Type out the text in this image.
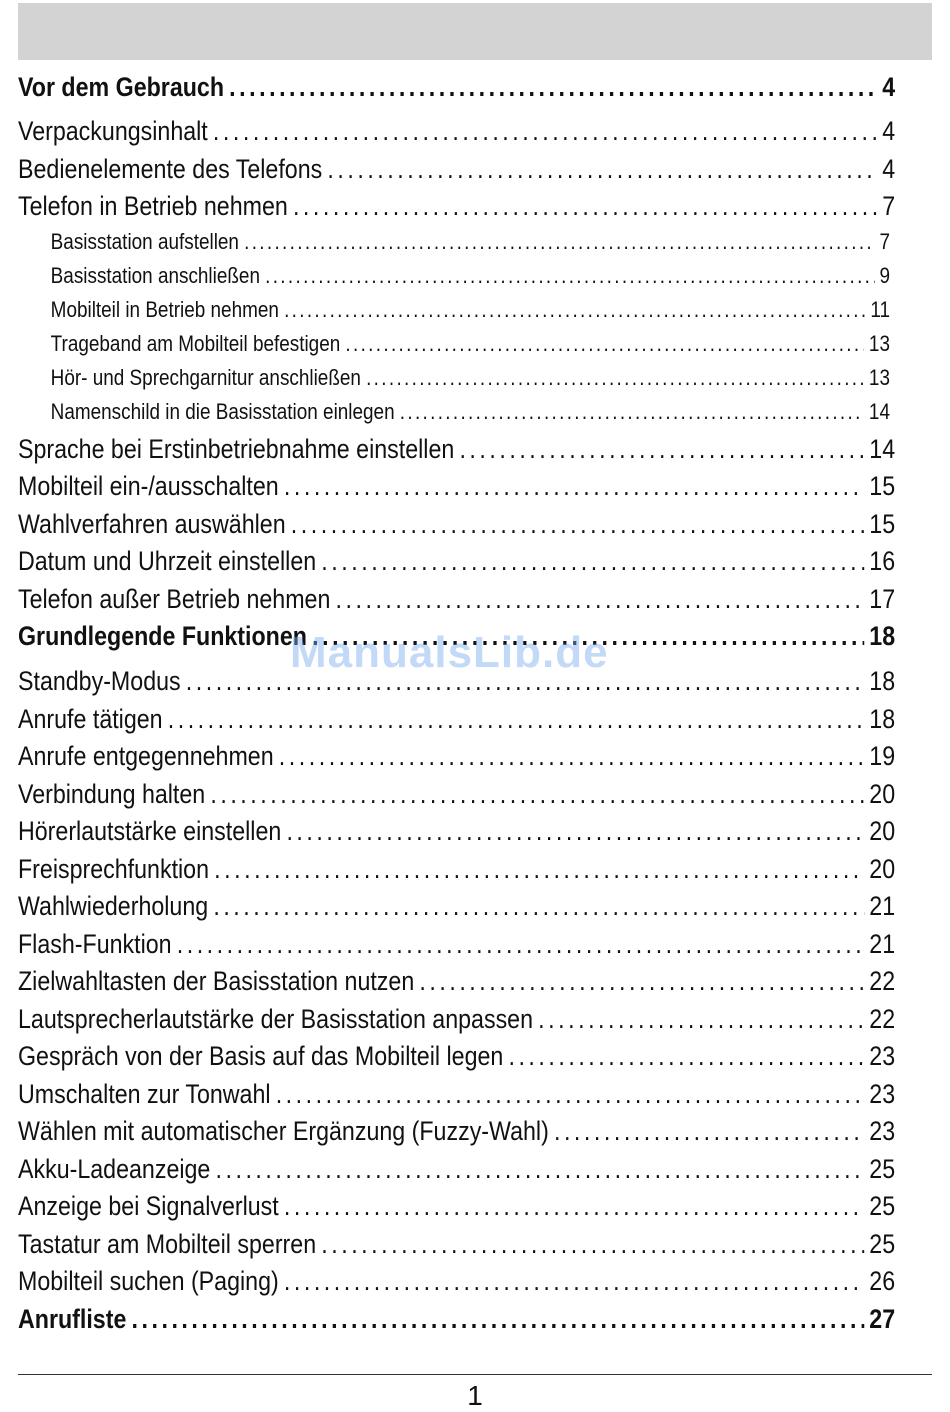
Vor dem Gebrauch . . .	4
Verpackungsinhalt . . .	4
Bedienelemente des Telefons . . .	4
Telefon in Betrieb nehmen . . .	7
Basisstation aufstellen . . .	7
Basisstation anschließen . . .	9
Mobilteil in Betrieb nehmen . . .	11
Trageband am Mobilteil befestigen . . .	13
Hör- und Sprechgarnitur anschließen . . .	13
Namenschild in die Basisstation einlegen . . .	14
Sprache bei Erstinbetriebnahme einstellen . . .	14
Mobilteil ein-/ausschalten . . .	15
Wahlverfahren auswählen . . .	15
Datum und Uhrzeit einstellen . . .	16
Telefon außer Betrieb nehmen . . .	17
Grundlegende Funktionen . . .	18
Standby-Modus . . .	18
Anrufe tätigen . . .	18
Anrufe entgegennehmen . . .	19
Verbindung halten . . .	20
Hörerlautstärke einstellen . . .	20
Freisprechfunktion . . .	20
Wahlwiederholung . . .	21
Flash-Funktion . . .	21
Zielwahltasten der Basisstation nutzen . . .	22
Lautsprecherlautstärke der Basisstation anpassen . . .	22
Gespräch von der Basis auf das Mobilteil legen . . .	23
Umschalten zur Tonwahl . . .	23
Wählen mit automatischer Ergänzung (Fuzzy-Wahl) . . .	23
Akku-Ladeanzeige . . .	25
Anzeige bei Signalverlust . . .	25
Tastatur am Mobilteil sperren . . .	25
Mobilteil suchen (Paging) . . .	26
Anrufliste . . .	27
ManualsLib.de
1
